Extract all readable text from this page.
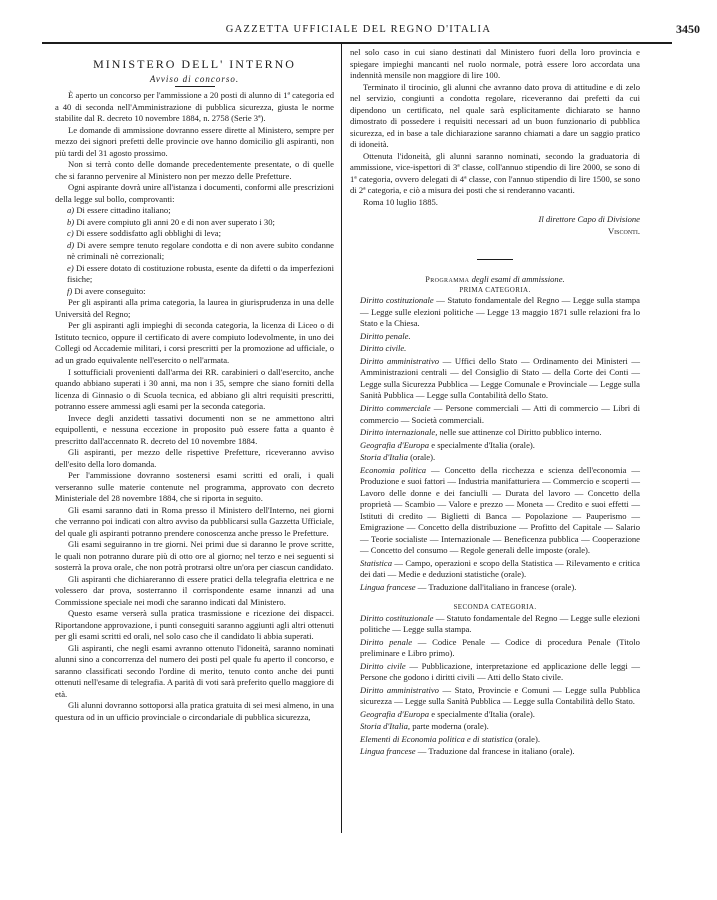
GAZZETTA UFFICIALE DEL REGNO D'ITALIA	3450

MINISTERO DELL' INTERNO

Avviso di concorso.

È aperto un concorso per l'ammissione a 20 posti di alunno di 1ª categoria ed a 40 di seconda nell'Amministrazione di pubblica sicurezza, giusta le norme stabilite dal R. decreto 10 novembre 1884, n. 2758 (Serie 3ª).

Le domande di ammissione dovranno essere dirette al Ministero, sempre per mezzo dei signori prefetti delle provincie ove hanno domicilio gli aspiranti, non più tardi del 31 agosto prossimo.

Non si terrà conto delle domande precedentemente presentate, o di quelle che si faranno pervenire al Ministero non per mezzo delle Prefetture.

Ogni aspirante dovrà unire all'istanza i documenti, conformi alle prescrizioni della legge sul bollo, comprovanti:

a) Di essere cittadino italiano;

b) Di avere compiuto gli anni 20 e di non aver superato i 30;

c) Di essere soddisfatto agli obblighi di leva;

d) Di avere sempre tenuto regolare condotta e di non avere subito condanne nè criminali nè correzionali;

e) Di essere dotato di costituzione robusta, esente da difetti o da imperfezioni fisiche;

f) Di avere conseguito:

Per gli aspiranti alla prima categoria, la laurea in giurisprudenza in una delle Università del Regno;

Per gli aspiranti agli impieghi di seconda categoria, la licenza di Liceo o di Istituto tecnico, oppure il certificato di avere compiuto lodevolmente, in uno dei Collegi od Accademie militari, i corsi prescritti per la promozione ad ufficiale, o ad un grado equivalente nell'esercito o nell'armata.

I sottufficiali provenienti dall'arma dei RR. carabinieri o dall'esercito, anche quando abbiano superati i 30 anni, ma non i 35, sempre che siano forniti della licenza di Ginnasio o di Scuola tecnica, ed abbiano gli altri requisiti prescritti, potranno essere ammessi agli esami per la seconda categoria.

Invece degli anzidetti tassativi documenti non se ne ammettono altri equipollenti, e nessuna eccezione in proposito può essere fatta a quanto è prescritto dall'accennato R. decreto del 10 novembre 1884.

Gli aspiranti, per mezzo delle rispettive Prefetture, riceveranno avviso dell'esito della loro domanda.

Per l'ammissione dovranno sostenersi esami scritti ed orali, i quali verseranno sulle materie contenute nel programma, approvato con decreto Ministeriale del 28 novembre 1884, che si riporta in seguito.

Gli esami saranno dati in Roma presso il Ministero dell'Interno, nei giorni che verranno poi indicati con altro avviso da pubblicarsi sulla Gazzetta Ufficiale, del quale gli aspiranti potranno prendere conoscenza anche presso le Prefetture.

Gli esami seguiranno in tre giorni. Nei primi due si daranno le prove scritte, le quali non potranno durare più di otto ore al giorno; nel terzo e nei seguenti si sosterrà la prova orale, che non potrà protrarsi oltre un'ora per ciascun candidato.

Gli aspiranti che dichiareranno di essere pratici della telegrafia elettrica e ne volessero dar prova, sosterranno il corrispondente esame innanzi ad una Commissione speciale nei modi che saranno indicati dal Ministero.

Questo esame verserà sulla pratica trasmissione e ricezione dei dispacci. Riportandone approvazione, i punti conseguiti saranno aggiunti agli altri ottenuti per gli esami scritti ed orali, nel solo caso che il candidato li abbia superati.

Gli aspiranti, che negli esami avranno ottenuto l'idoneità, saranno nominati alunni sino a concorrenza del numero dei posti pel quale fu aperto il concorso, e saranno classificati secondo l'ordine di merito, tenuto conto anche dei punti ottenuti nell'esame di telegrafia. A parità di voti sarà preferito quello maggiore di età.

Gli alunni dovranno sottoporsi alla pratica gratuita di sei mesi almeno, in una questura od in un ufficio provinciale o circondariale di pubblica sicurezza,

nel solo caso in cui siano destinati dal Ministero fuori della loro provincia e spiegare impieghi mancanti nel ruolo normale, potrà essere loro accordata una indennità mensile non maggiore di lire 100.

Terminato il tirocinio, gli alunni che avranno dato prova di attitudine e di zelo nel servizio, congiunti a condotta regolare, riceveranno dai prefetti da cui dipendono un certificato, nel quale sarà esplicitamente dichiarato se hanno dimostrato di possedere i requisiti necessari ad un buon funzionario di pubblica sicurezza, ed in base a tale dichiarazione saranno chiamati a dare un saggio pratico di idoneità.

Ottenuta l'idoneità, gli alunni saranno nominati, secondo la graduatoria di ammissione, vice-ispettori di 3ª classe, coll'annuo stipendio di lire 2000, se sono di 1ª categoria, ovvero delegati di 4ª classe, con l'annuo stipendio di lire 1500, se sono di 2ª categoria, e ciò a misura dei posti che si renderanno vacanti.

Roma 10 luglio 1885.

Il direttore Capo di Divisione

Visconti.

Programma degli esami di ammissione.

PRIMA CATEGORIA.

Diritto costituzionale — Statuto fondamentale del Regno — Legge sulla stampa — Legge sulle elezioni politiche — Legge 13 maggio 1871 sulle relazioni fra lo Stato e la Chiesa.

Diritto penale.

Diritto civile.

Diritto amministrativo — Uffici dello Stato — Ordinamento dei Ministeri — Amministrazioni centrali — del Consiglio di Stato — della Corte dei Conti — Legge sulla Sicurezza Pubblica — Legge Comunale e Provinciale — Legge sulla Sanità Pubblica — Legge sulla Contabilità dello Stato.

Diritto commerciale — Persone commerciali — Atti di commercio — Libri di commercio — Società commerciali.

Diritto internazionale, nelle sue attinenze col Diritto pubblico interno.

Geografia d'Europa e specialmente d'Italia (orale).

Storia d'Italia (orale).

Economia politica — Concetto della ricchezza e scienza dell'economia — Produzione e suoi fattori — Industria manifatturiera — Commercio e scoperti — Lavoro delle donne e dei fanciulli — Durata del lavoro — Concetto della proprietà — Scambio — Valore e prezzo — Moneta — Credito e suoi effetti — Istituti di credito — Biglietti di Banca — Popolazione — Pauperismo — Emigrazione — Concetto della distribuzione — Profitto del Capitale — Salario — Teorie socialiste — Internazionale — Beneficenza pubblica — Cooperazione — Concetto del consumo — Regole generali delle imposte (orale).

Statistica — Campo, operazioni e scopo della Statistica — Rilevamento e critica dei dati — Medie e deduzioni statistiche (orale).

Lingua francese — Traduzione dall'italiano in francese (orale).

SECONDA CATEGORIA.

Diritto costituzionale — Statuto fondamentale del Regno — Legge sulle elezioni politiche — Legge sulla stampa.

Diritto penale — Codice Penale — Codice di procedura Penale (Titolo preliminare e Libro primo).

Diritto civile — Pubblicazione, interpretazione ed applicazione delle leggi — Persone che godono i diritti civili — Atti dello Stato civile.

Diritto amministrativo — Stato, Provincie e Comuni — Legge sulla Pubblica sicurezza — Legge sulla Sanità Pubblica — Legge sulla Contabilità dello Stato.

Geografia d'Europa e specialmente d'Italia (orale).

Storia d'Italia, parte moderna (orale).

Elementi di Economia politica e di statistica (orale).

Lingua francese — Traduzione dal francese in italiano (orale).
